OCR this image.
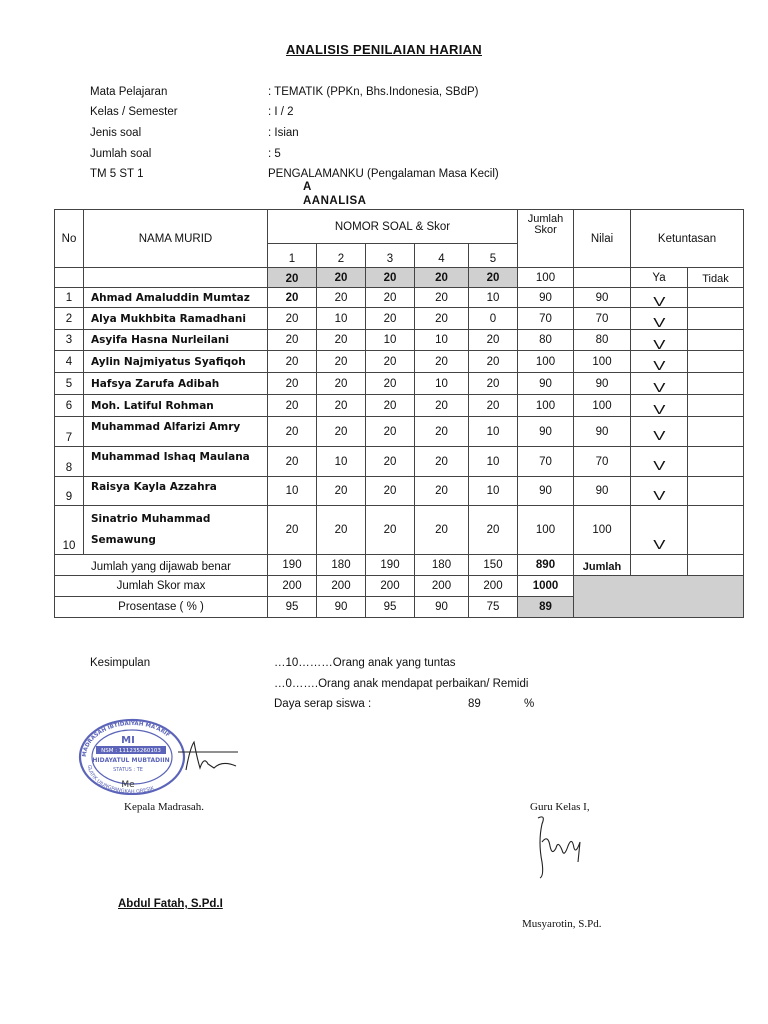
ANALISIS PENILAIAN HARIAN
Mata Pelajaran	: TEMATIK (PPKn, Bhs.Indonesia, SBdP)
Kelas / Semester	: I / 2
Jenis soal	: Isian
Jumlah soal	: 5
TM 5 ST 1	PENGALAMANKU (Pengalaman Masa Kecil)
A
AANALISA
No	NAMA MURID	NOMOR SOAL & Skor					Jumlah Skor	Nilai	Ketuntasan	
		1	2	3	4	5				
		20	20	20	20	20	100		Ya	Tidak
1	Ahmad Amaluddin Mumtaz	20	20	20	20	10	90	90	V	
2	Alya Mukhbita Ramadhani	20	10	20	20	0	70	70	V	
3	Asyifa Hasna Nurleilani	20	20	10	10	20	80	80	V	
4	Aylin Najmiyatus Syafiqoh	20	20	20	20	20	100	100	V	
5	Hafsya Zarufa Adibah	20	20	20	10	20	90	90	V	
6	Moh. Latiful Rohman	20	20	20	20	20	100	100	V	
7	Muhammad Alfarizi Amry	20	20	20	20	10	90	90	V	
8	Muhammad Ishaq Maulana	20	10	20	20	10	70	70	V	
9	Raisya Kayla Azzahra	10	20	20	20	10	90	90	V	
10	Sinatrio Muhammad
Semawung	20	20	20	20	20	100	100	V	
Jumlah yang dijawab benar		190	180	190	180	150	890	Jumlah		
Jumlah Skor max		200	200	200	200	200	1000			
Prosentase ( % )		95	90	95	90	75	89			
Kesimpulan	…10………Orang anak yang tuntas
…0…….Orang anak mendapat perbaikan/ Remidi
Daya serap siswa :	89	%
MADRASAH IBTIDAIYAH MA'ARIF
GLATIK UJUNGPANGKAH GRESIK
MI
NSM : 111235260103
HIDAYATUL MUBTADIIN
STATUS : TE
Me
Kepala Madrasah.
Abdul Fatah, S.Pd.I
Guru Kelas I,
Musyarotin, S.Pd.
